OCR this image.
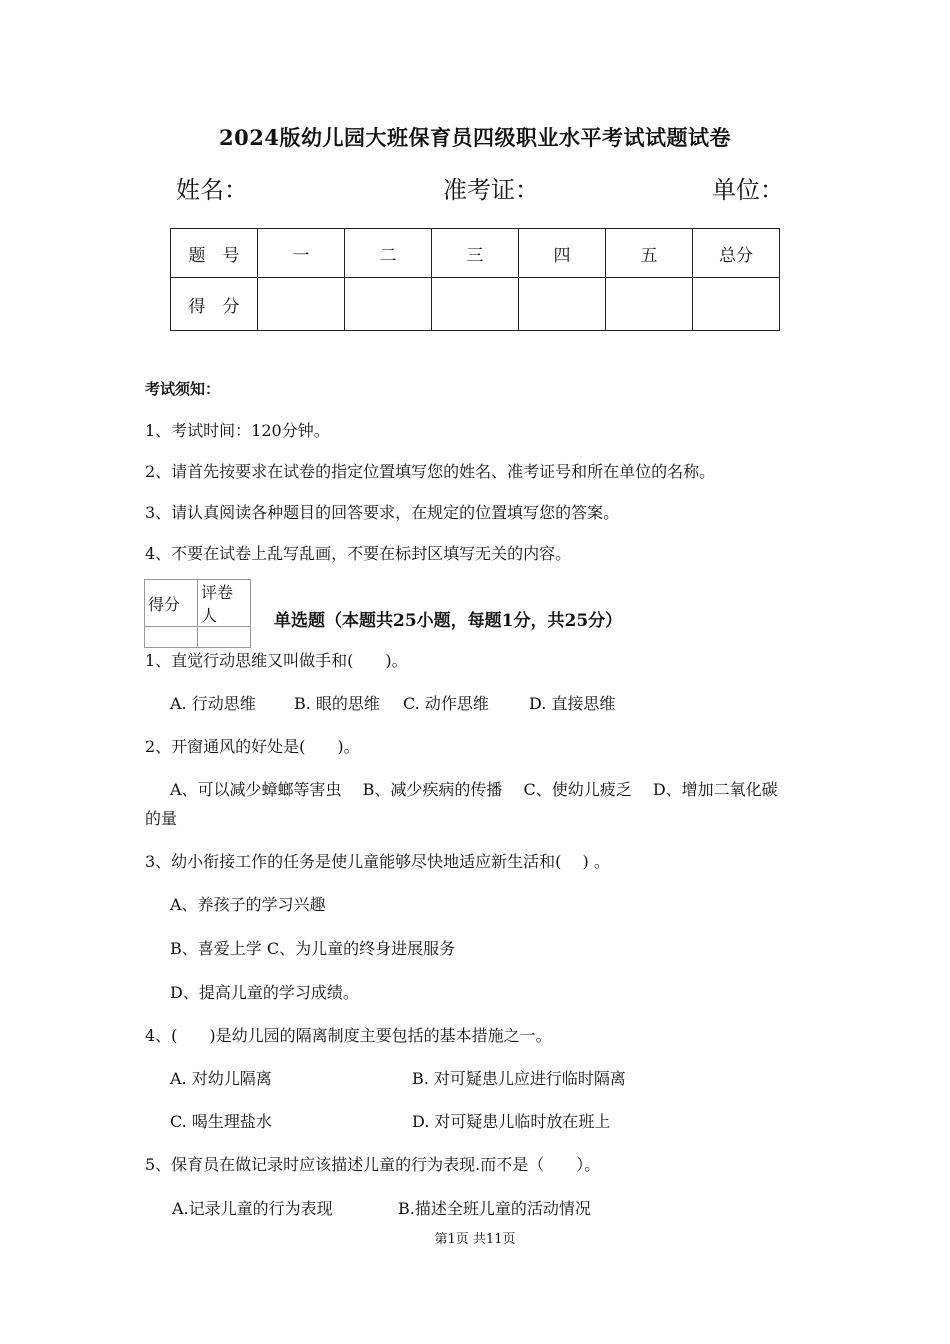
2024版幼儿园大班保育员四级职业水平考试试题试卷
姓名：	准考证：	单位：
题　号	一	二	三	四	五	总分
得　分						
考试须知：
1、考试时间：120分钟。
2、请首先按要求在试卷的指定位置填写您的姓名、准考证号和所在单位的名称。
3、请认真阅读各种题目的回答要求，在规定的位置填写您的答案。
4、不要在试卷上乱写乱画，不要在标封区填写无关的内容。
得分	评卷人
		单选题（本题共25小题，每题1分，共25分）
1、直觉行动思维又叫做手和(　　)。
A. 行动思维 B. 眼的思维 C. 动作思维	D. 直接思维
2、开窗通风的好处是(　　)。
A、可以减少蟑螂等害虫　 B、减少疾病的传播　 C、使幼儿疲乏　 D、增加二氧化碳
的量
3、幼小衔接工作的任务是使儿童能够尽快地适应新生活和(　 ) 。
A、养孩子的学习兴趣
B、喜爱上学 C、为儿童的终身进展服务
D、提高儿童的学习成绩。
4、(　　)是幼儿园的隔离制度主要包括的基本措施之一。
A. 对幼儿隔离	B. 对可疑患儿应进行临时隔离
C. 喝生理盐水	D. 对可疑患儿临时放在班上
5、保育员在做记录时应该描述儿童的行为表现.而不是（　　）。
A.记录儿童的行为表现	B.描述全班儿童的活动情况
第1页 共11页
